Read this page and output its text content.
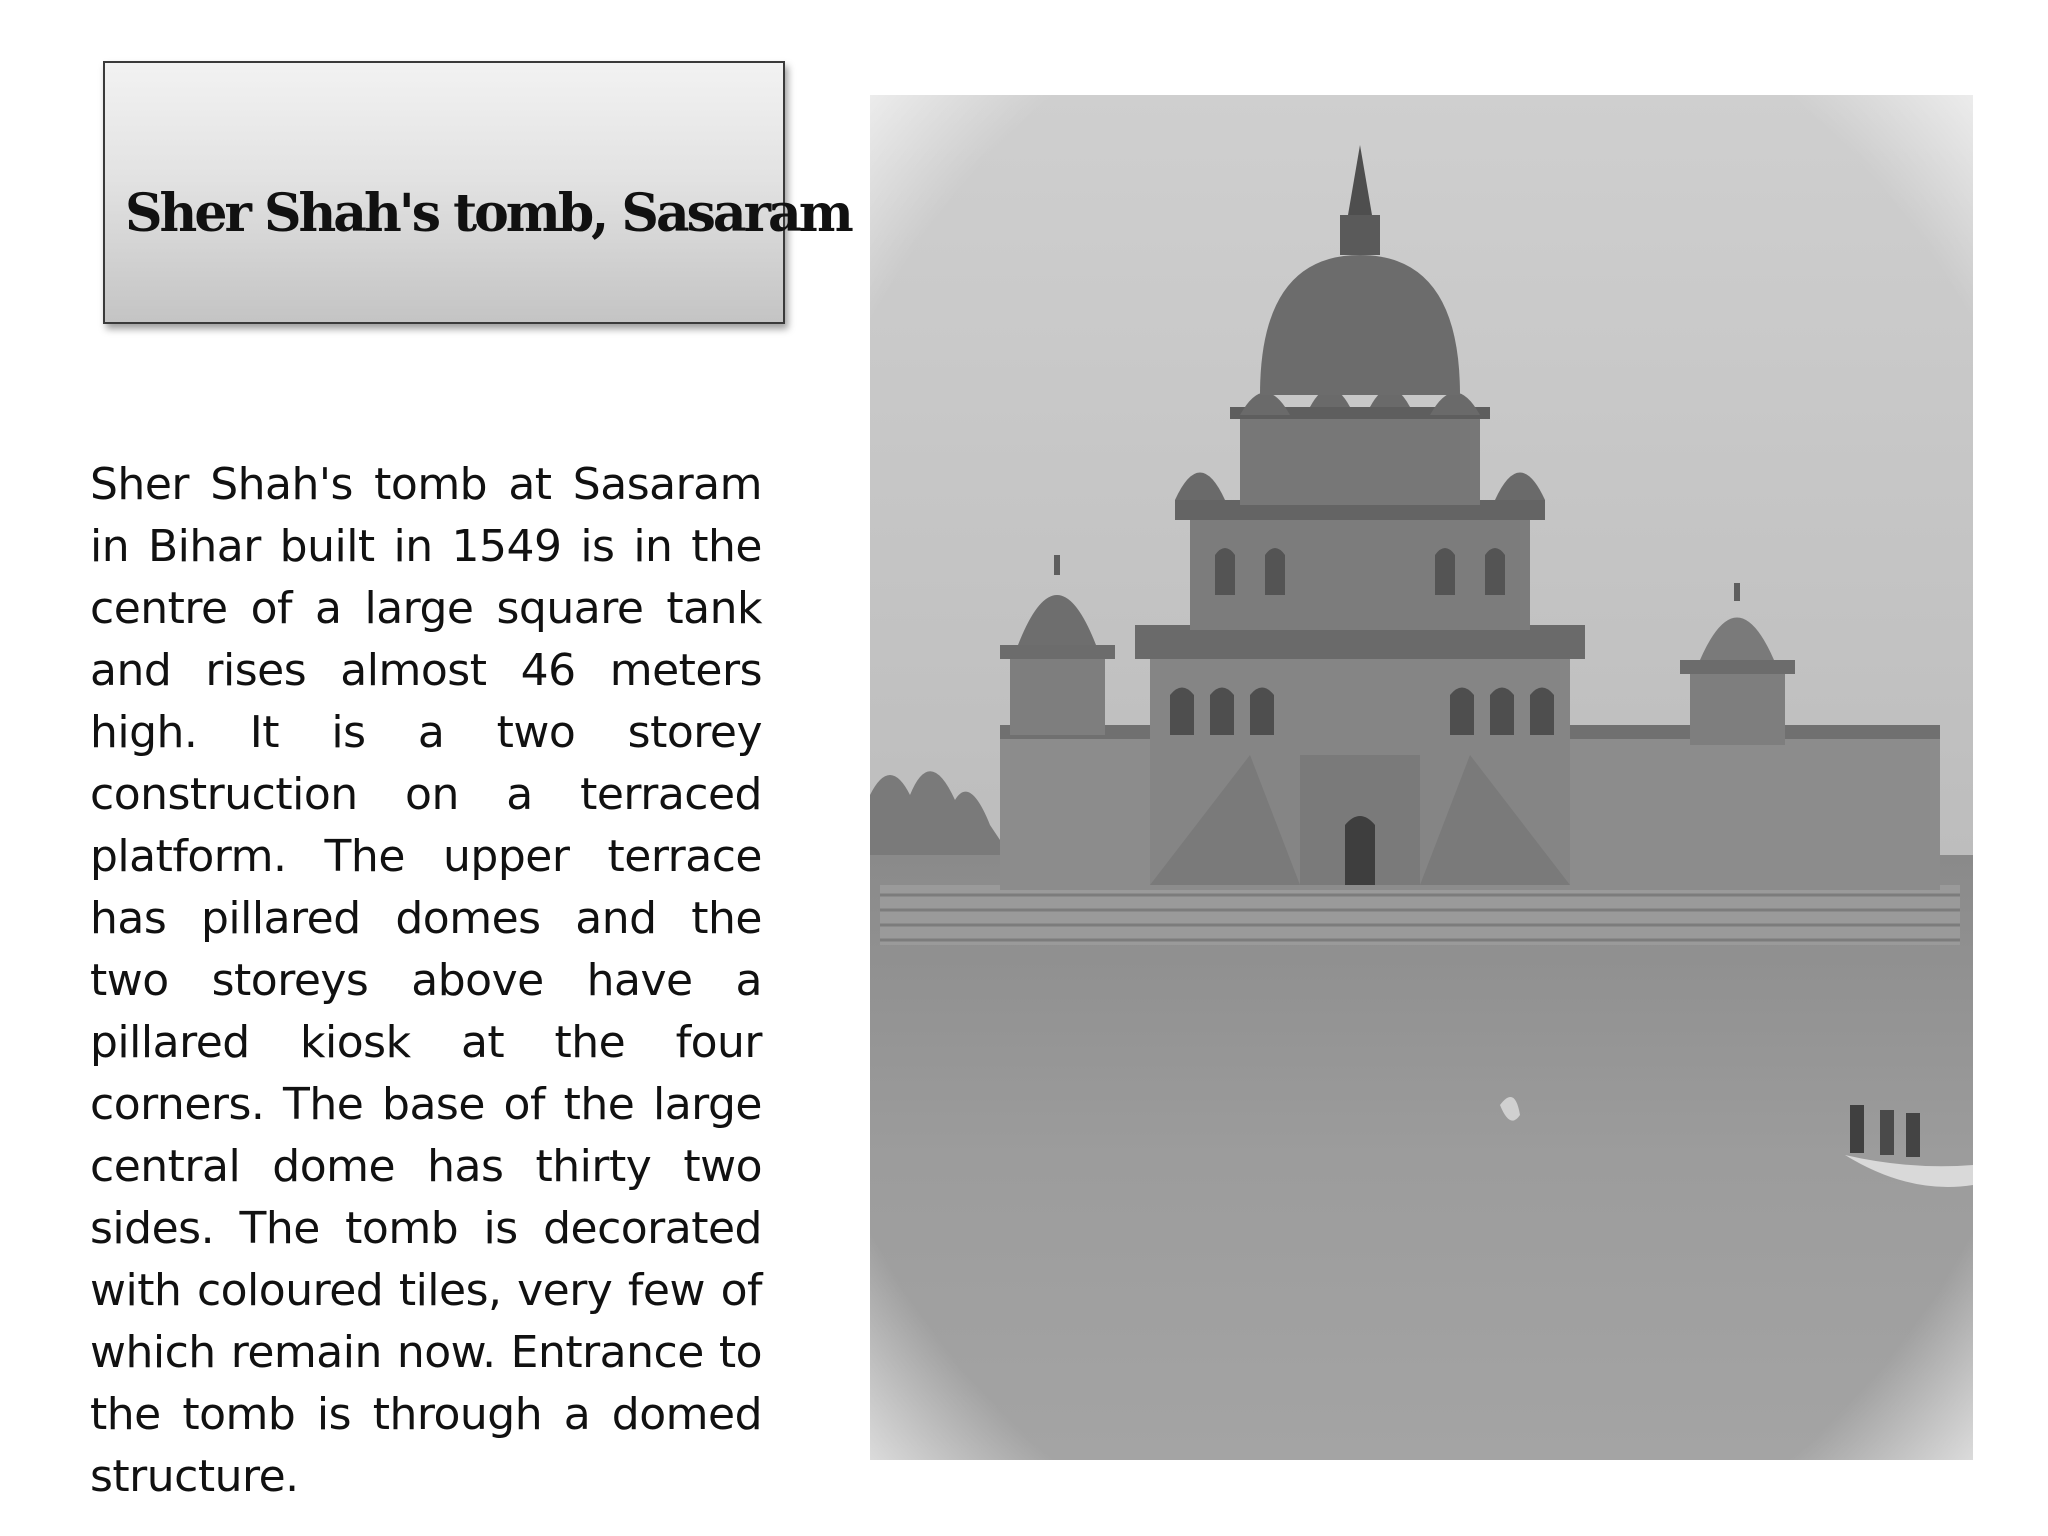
Sher Shah's tomb, Sasaram

Sher Shah's tomb at Sasaram in Bihar built in 1549 is in the centre of a large square tank and rises almost 46 meters high. It is a two storey construction on a terraced platform. The upper terrace has pillared domes and the two storeys above have a pillared kiosk at the four corners. The base of the large central dome has thirty two sides. The tomb is decorated with coloured tiles, very few of which remain now. Entrance to the tomb is through a domed structure.
